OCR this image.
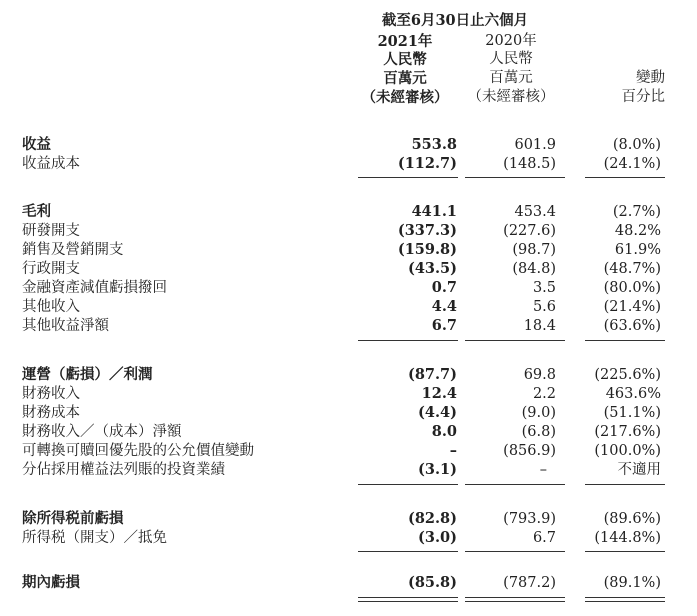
截至6月30日止六個月
2021年
人民幣
百萬元
（未經審核）
2020年
人民幣
百萬元
（未經審核）
變動
百分比
收益	553.8	601.9	(8.0%)
收益成本	(112.7)	(148.5)	(24.1%)
毛利	441.1	453.4	(2.7%)
研發開支	(337.3)	(227.6)	48.2%
銷售及營銷開支	(159.8)	(98.7)	61.9%
行政開支	(43.5)	(84.8)	(48.7%)
金融資產減值虧損撥回	0.7	3.5	(80.0%)
其他收入	4.4	5.6	(21.4%)
其他收益淨額	6.7	18.4	(63.6%)
運營（虧損）／利潤	(87.7)	69.8	(225.6%)
財務收入	12.4	2.2	463.6%
財務成本	(4.4)	(9.0)	(51.1%)
財務收入／（成本）淨額	8.0	(6.8)	(217.6%)
可轉換可贖回優先股的公允價值變動	–	(856.9)	(100.0%)
分佔採用權益法列賬的投資業績	(3.1)	–	不適用
除所得税前虧損	(82.8)	(793.9)	(89.6%)
所得税（開支）／抵免	(3.0)	6.7	(144.8%)
期內虧損	(85.8)	(787.2)	(89.1%)
